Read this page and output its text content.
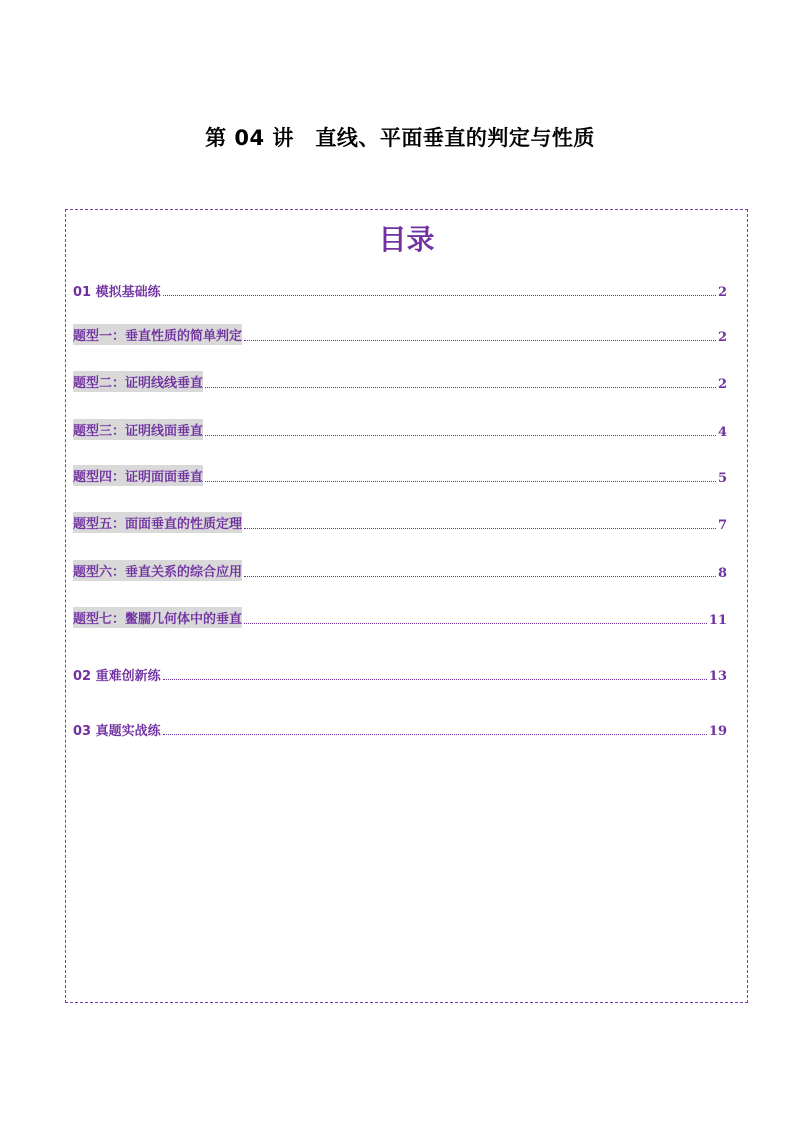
第 04 讲　直线、平面垂直的判定与性质
目录
01 模拟基础练	2
题型一：垂直性质的简单判定	2
题型二：证明线线垂直	2
题型三：证明线面垂直	4
题型四：证明面面垂直	5
题型五：面面垂直的性质定理	7
题型六：垂直关系的综合应用	8
题型七：鳖臑几何体中的垂直	11
02 重难创新练	13
03 真题实战练	19
